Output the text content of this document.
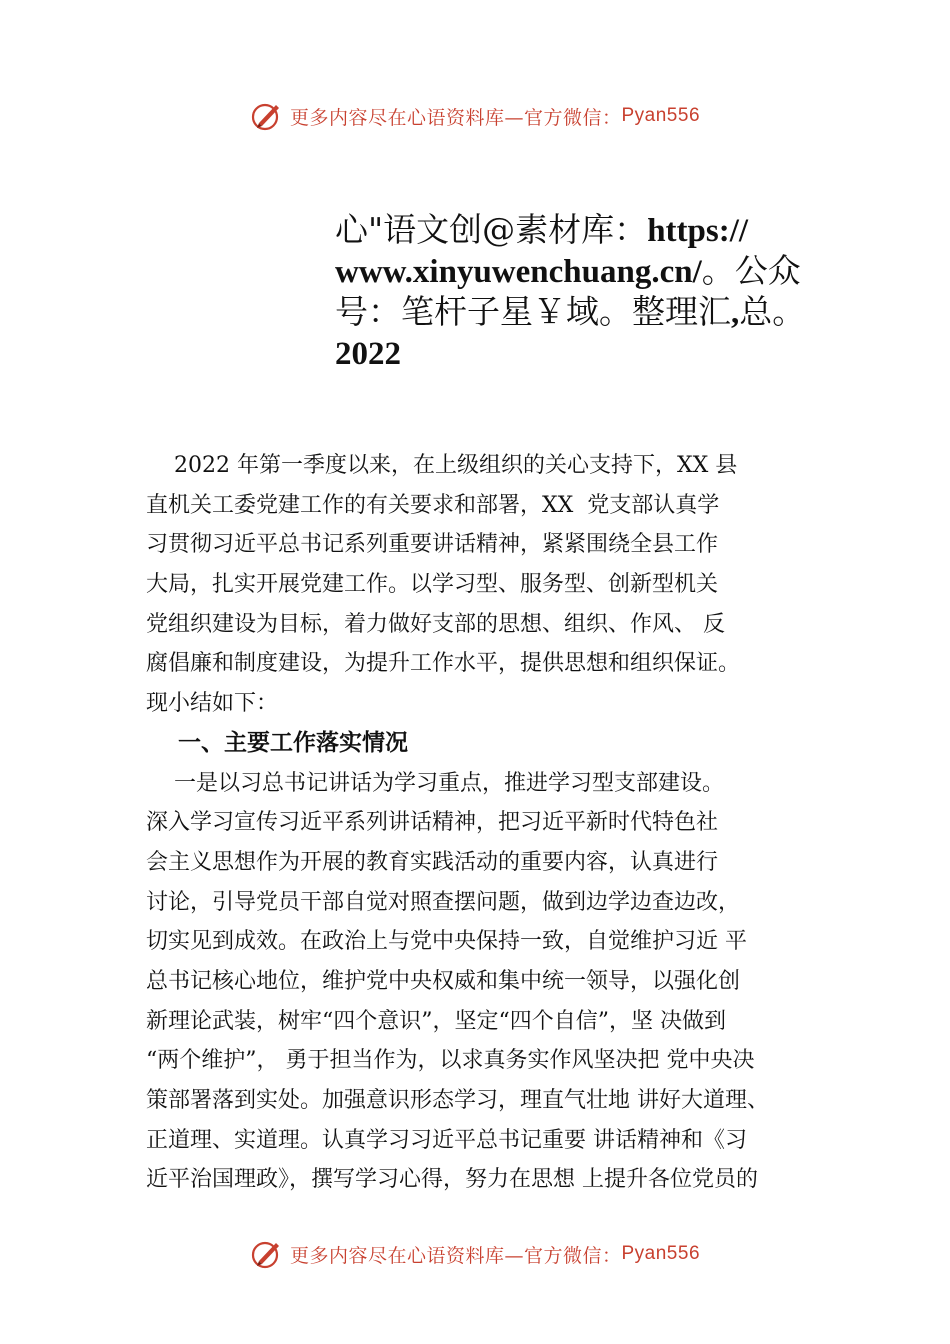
更多内容尽在心语资料库—官方微信： Pyan556
心"语文创@素材库：https://
www.xinyuwenchuang.cn/。公众
号：笔杆子星￥域。整理汇,总。
2022
2022 年第一季度以来，在上级组织的关心支持下，XX 县
直机关工委党建工作的有关要求和部署，XX  党支部认真学
习贯彻习近平总书记系列重要讲话精神，紧紧围绕全县工作
大局，扎实开展党建工作。以学习型、服务型、创新型机关
党组织建设为目标，着力做好支部的思想、组织、作风、 反
腐倡廉和制度建设，为提升工作水平，提供思想和组织保证。
现小结如下：
一、主要工作落实情况
一是以习总书记讲话为学习重点，推进学习型支部建设。
深入学习宣传习近平系列讲话精神，把习近平新时代特色社
会主义思想作为开展的教育实践活动的重要内容，认真进行
讨论，引导党员干部自觉对照查摆问题，做到边学边查边改，
切实见到成效。在政治上与党中央保持一致，自觉维护习近 平
总书记核心地位，维护党中央权威和集中统一领导，以强化创
新理论武装，树牢“四个意识”，坚定“四个自信”，坚 决做到
“两个维护”， 勇于担当作为，以求真务实作风坚决把 党中央决
策部署落到实处。加强意识形态学习，理直气壮地 讲好大道理、
正道理、实道理。认真学习习近平总书记重要 讲话精神和《习
近平治国理政》，撰写学习心得，努力在思想 上提升各位党员的
更多内容尽在心语资料库—官方微信： Pyan556
